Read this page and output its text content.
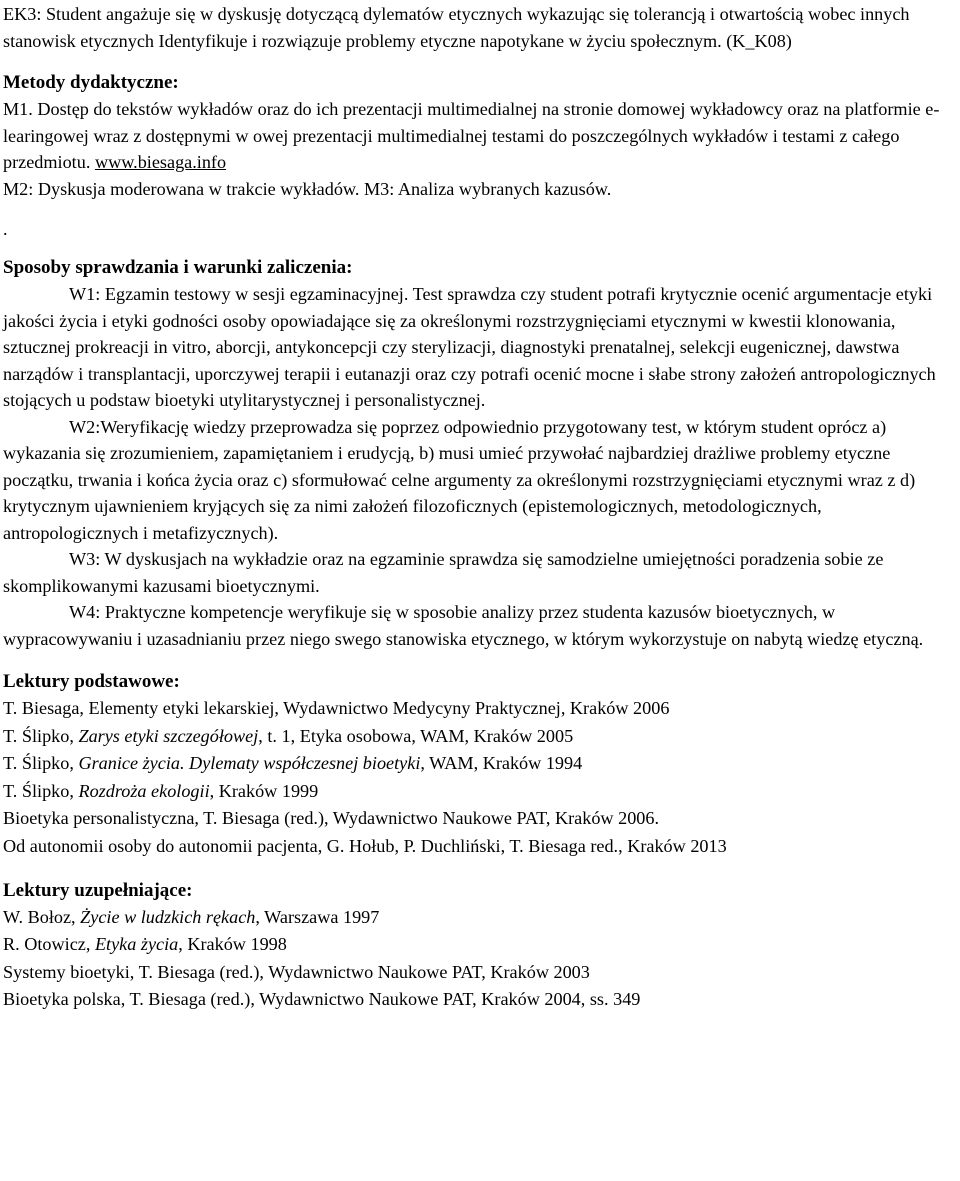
EK3: Student angażuje się w dyskusję dotyczącą dylematów etycznych wykazując się tolerancją i otwartością wobec innych stanowisk etycznych Identyfikuje i rozwiązuje problemy etyczne napotykane w życiu społecznym. (K_K08)

Metody dydaktyczne:

M1. Dostęp do tekstów wykładów oraz do ich prezentacji multimedialnej na stronie domowej wykładowcy oraz na platformie e-learingowej wraz z dostępnymi w owej prezentacji multimedialnej testami do poszczególnych wykładów i testami z całego przedmiotu. www.biesaga.info

M2: Dyskusja moderowana w trakcie wykładów. M3: Analiza wybranych kazusów.

.

Sposoby sprawdzania i warunki zaliczenia:

W1: Egzamin testowy w sesji egzaminacyjnej. Test sprawdza czy student potrafi krytycznie ocenić argumentacje etyki jakości życia i etyki godności osoby opowiadające się za określonymi rozstrzygnięciami etycznymi w kwestii klonowania, sztucznej prokreacji in vitro, aborcji, antykoncepcji czy sterylizacji, diagnostyki prenatalnej, selekcji eugenicznej, dawstwa narządów i transplantacji, uporczywej terapii i eutanazji oraz czy potrafi ocenić mocne i słabe strony założeń antropologicznych stojących u podstaw bioetyki utylitarystycznej i personalistycznej.

W2:Weryfikację wiedzy przeprowadza się poprzez odpowiednio przygotowany test, w którym student oprócz a) wykazania się zrozumieniem, zapamiętaniem i erudycją, b) musi umieć przywołać najbardziej drażliwe problemy etyczne początku, trwania i końca życia oraz c) sformułować celne argumenty za określonymi rozstrzygnięciami etycznymi wraz z d) krytycznym ujawnieniem kryjących się za nimi założeń filozoficznych (epistemologicznych, metodologicznych, antropologicznych i metafizycznych).

W3: W dyskusjach na wykładzie oraz na egzaminie sprawdza się samodzielne umiejętności poradzenia sobie ze skomplikowanymi kazusami bioetycznymi.

W4: Praktyczne kompetencje weryfikuje się w sposobie analizy przez studenta kazusów bioetycznych, w wypracowywaniu i uzasadnianiu przez niego swego stanowiska etycznego, w którym wykorzystuje on nabytą wiedzę etyczną.

Lektury podstawowe:

T. Biesaga, Elementy etyki lekarskiej, Wydawnictwo Medycyny Praktycznej, Kraków 2006

T. Ślipko, Zarys etyki szczegółowej, t. 1, Etyka osobowa, WAM, Kraków 2005

T. Ślipko, Granice życia. Dylematy współczesnej bioetyki, WAM, Kraków 1994

T. Ślipko, Rozdroża ekologii, Kraków 1999

Bioetyka personalistyczna, T. Biesaga (red.), Wydawnictwo Naukowe PAT, Kraków 2006.

Od autonomii osoby do autonomii pacjenta, G. Hołub, P. Duchliński, T. Biesaga red., Kraków 2013

Lektury uzupełniające:

W. Bołoz, Życie w ludzkich rękach, Warszawa 1997

R. Otowicz, Etyka życia, Kraków 1998

Systemy bioetyki, T. Biesaga (red.), Wydawnictwo Naukowe PAT, Kraków 2003

Bioetyka polska, T. Biesaga (red.), Wydawnictwo Naukowe PAT, Kraków 2004, ss. 349
